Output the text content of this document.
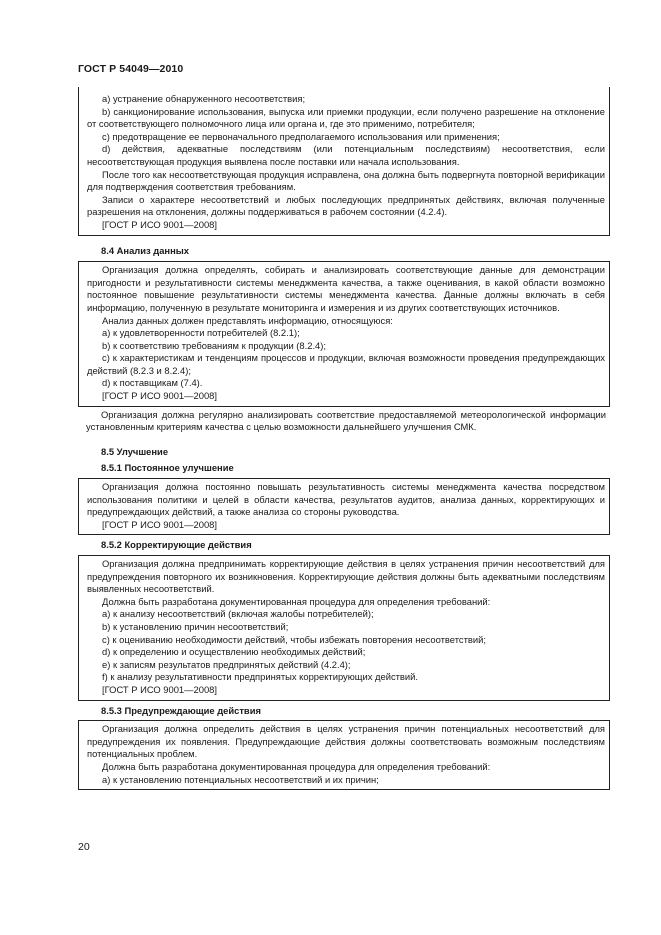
ГОСТ Р 54049—2010

a) устранение обнаруженного несоответствия;

b) санкционирование использования, выпуска или приемки продукции, если получено разрешение на отклонение от соответствующего полномочного лица или органа и, где это применимо, потребителя;

c) предотвращение ее первоначального предполагаемого использования или применения;

d) действия, адекватные последствиям (или потенциальным последствиям) несоответствия, если несоответствующая продукция выявлена после поставки или начала использования.

После того как несоответствующая продукция исправлена, она должна быть подвергнута повторной верификации для подтверждения соответствия требованиям.

Записи о характере несоответствий и любых последующих предпринятых действиях, включая полученные разрешения на отклонения, должны поддерживаться в рабочем состоянии (4.2.4).

[ГОСТ Р ИСО 9001—2008]

8.4 Анализ данных

Организация должна определять, собирать и анализировать соответствующие данные для демонстрации пригодности и результативности системы менеджмента качества, а также оценивания, в какой области возможно постоянное повышение результативности системы менеджмента качества. Данные должны включать в себя информацию, полученную в результате мониторинга и измерения и из других соответствующих источников.

Анализ данных должен представлять информацию, относящуюся:

a) к удовлетворенности потребителей (8.2.1);

b) к соответствию требованиям к продукции (8.2.4);

c) к характеристикам и тенденциям процессов и продукции, включая возможности проведения предупреждающих действий (8.2.3 и 8.2.4);

d) к поставщикам (7.4).

[ГОСТ Р ИСО 9001—2008]

Организация должна регулярно анализировать соответствие предоставляемой метеорологической информации установленным критериям качества с целью возможности дальнейшего улучшения СМК.

8.5 Улучшение

8.5.1 Постоянное улучшение

Организация должна постоянно повышать результативность системы менеджмента качества посредством использования политики и целей в области качества, результатов аудитов, анализа данных, корректирующих и предупреждающих действий, а также анализа со стороны руководства.

[ГОСТ Р ИСО 9001—2008]

8.5.2 Корректирующие действия

Организация должна предпринимать корректирующие действия в целях устранения причин несоответствий для предупреждения повторного их возникновения. Корректирующие действия должны быть адекватными последствиям выявленных несоответствий.

Должна быть разработана документированная процедура для определения требований:

a) к анализу несоответствий (включая жалобы потребителей);

b) к установлению причин несоответствий;

c) к оцениванию необходимости действий, чтобы избежать повторения несоответствий;

d) к определению и осуществлению необходимых действий;

e) к записям результатов предпринятых действий (4.2.4);

f) к анализу результативности предпринятых корректирующих действий.

[ГОСТ Р ИСО 9001—2008]

8.5.3 Предупреждающие действия

Организация должна определить действия в целях устранения причин потенциальных несоответствий для предупреждения их появления. Предупреждающие действия должны соответствовать возможным последствиям потенциальных проблем.

Должна быть разработана документированная процедура для определения требований:

a) к установлению потенциальных несоответствий и их причин;

20
